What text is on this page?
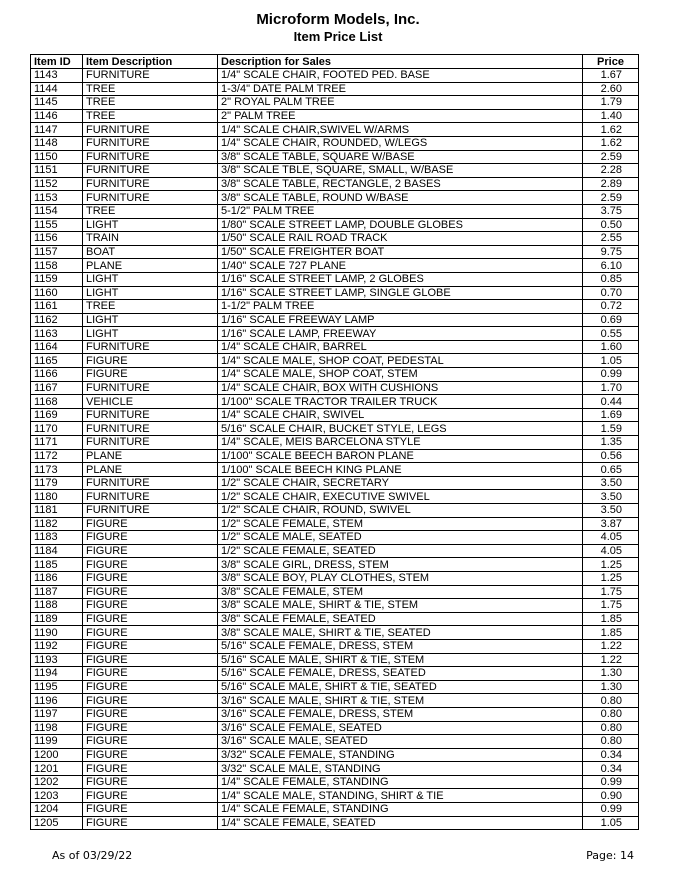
Microform Models, Inc.
Item Price List
Item ID	Item Description	Description for Sales	Price
1143	FURNITURE	1/4" SCALE CHAIR, FOOTED PED. BASE	1.67
1144	TREE	1-3/4" DATE PALM TREE	2.60
1145	TREE	2" ROYAL PALM TREE	1.79
1146	TREE	2" PALM TREE	1.40
1147	FURNITURE	1/4" SCALE CHAIR,SWIVEL W/ARMS	1.62
1148	FURNITURE	1/4" SCALE CHAIR, ROUNDED, W/LEGS	1.62
1150	FURNITURE	3/8" SCALE TABLE, SQUARE W/BASE	2.59
1151	FURNITURE	3/8" SCALE TBLE, SQUARE, SMALL, W/BASE	2.28
1152	FURNITURE	3/8" SCALE TABLE, RECTANGLE, 2 BASES	2.89
1153	FURNITURE	3/8" SCALE TABLE, ROUND W/BASE	2.59
1154	TREE	5-1/2" PALM TREE	3.75
1155	LIGHT	1/80" SCALE STREET LAMP, DOUBLE GLOBES	0.50
1156	TRAIN	1/50" SCALE RAIL ROAD TRACK	2.55
1157	BOAT	1/50" SCALE FREIGHTER BOAT	9.75
1158	PLANE	1/40" SCALE 727 PLANE	6.10
1159	LIGHT	1/16" SCALE STREET LAMP, 2 GLOBES	0.85
1160	LIGHT	1/16" SCALE STREET LAMP, SINGLE GLOBE	0.70
1161	TREE	1-1/2" PALM TREE	0.72
1162	LIGHT	1/16" SCALE FREEWAY LAMP	0.69
1163	LIGHT	1/16" SCALE LAMP, FREEWAY	0.55
1164	FURNITURE	1/4" SCALE CHAIR, BARREL	1.60
1165	FIGURE	1/4" SCALE MALE, SHOP COAT, PEDESTAL	1.05
1166	FIGURE	1/4" SCALE MALE, SHOP COAT, STEM	0.99
1167	FURNITURE	1/4" SCALE CHAIR, BOX WITH CUSHIONS	1.70
1168	VEHICLE	1/100" SCALE TRACTOR TRAILER TRUCK	0.44
1169	FURNITURE	1/4" SCALE CHAIR, SWIVEL	1.69
1170	FURNITURE	5/16" SCALE CHAIR, BUCKET STYLE, LEGS	1.59
1171	FURNITURE	1/4" SCALE, MEIS BARCELONA STYLE	1.35
1172	PLANE	1/100" SCALE BEECH BARON PLANE	0.56
1173	PLANE	1/100" SCALE BEECH KING PLANE	0.65
1179	FURNITURE	1/2" SCALE CHAIR, SECRETARY	3.50
1180	FURNITURE	1/2" SCALE CHAIR, EXECUTIVE SWIVEL	3.50
1181	FURNITURE	1/2" SCALE CHAIR, ROUND, SWIVEL	3.50
1182	FIGURE	1/2" SCALE FEMALE, STEM	3.87
1183	FIGURE	1/2" SCALE MALE, SEATED	4.05
1184	FIGURE	1/2" SCALE FEMALE, SEATED	4.05
1185	FIGURE	3/8" SCALE GIRL, DRESS, STEM	1.25
1186	FIGURE	3/8" SCALE BOY, PLAY CLOTHES, STEM	1.25
1187	FIGURE	3/8" SCALE FEMALE, STEM	1.75
1188	FIGURE	3/8" SCALE MALE, SHIRT & TIE, STEM	1.75
1189	FIGURE	3/8" SCALE FEMALE, SEATED	1.85
1190	FIGURE	3/8" SCALE MALE, SHIRT & TIE, SEATED	1.85
1192	FIGURE	5/16" SCALE FEMALE, DRESS, STEM	1.22
1193	FIGURE	5/16" SCALE MALE, SHIRT & TIE, STEM	1.22
1194	FIGURE	5/16" SCALE FEMALE, DRESS, SEATED	1.30
1195	FIGURE	5/16" SCALE MALE, SHIRT & TIE, SEATED	1.30
1196	FIGURE	3/16" SCALE MALE, SHIRT & TIE, STEM	0.80
1197	FIGURE	3/16" SCALE FEMALE, DRESS, STEM	0.80
1198	FIGURE	3/16" SCALE FEMALE, SEATED	0.80
1199	FIGURE	3/16" SCALE MALE, SEATED	0.80
1200	FIGURE	3/32" SCALE FEMALE, STANDING	0.34
1201	FIGURE	3/32" SCALE MALE, STANDING	0.34
1202	FIGURE	1/4" SCALE FEMALE, STANDING	0.99
1203	FIGURE	1/4" SCALE MALE, STANDING, SHIRT & TIE	0.90
1204	FIGURE	1/4" SCALE FEMALE, STANDING	0.99
1205	FIGURE	1/4" SCALE FEMALE, SEATED	1.05
As of 03/29/22	Page: 14
